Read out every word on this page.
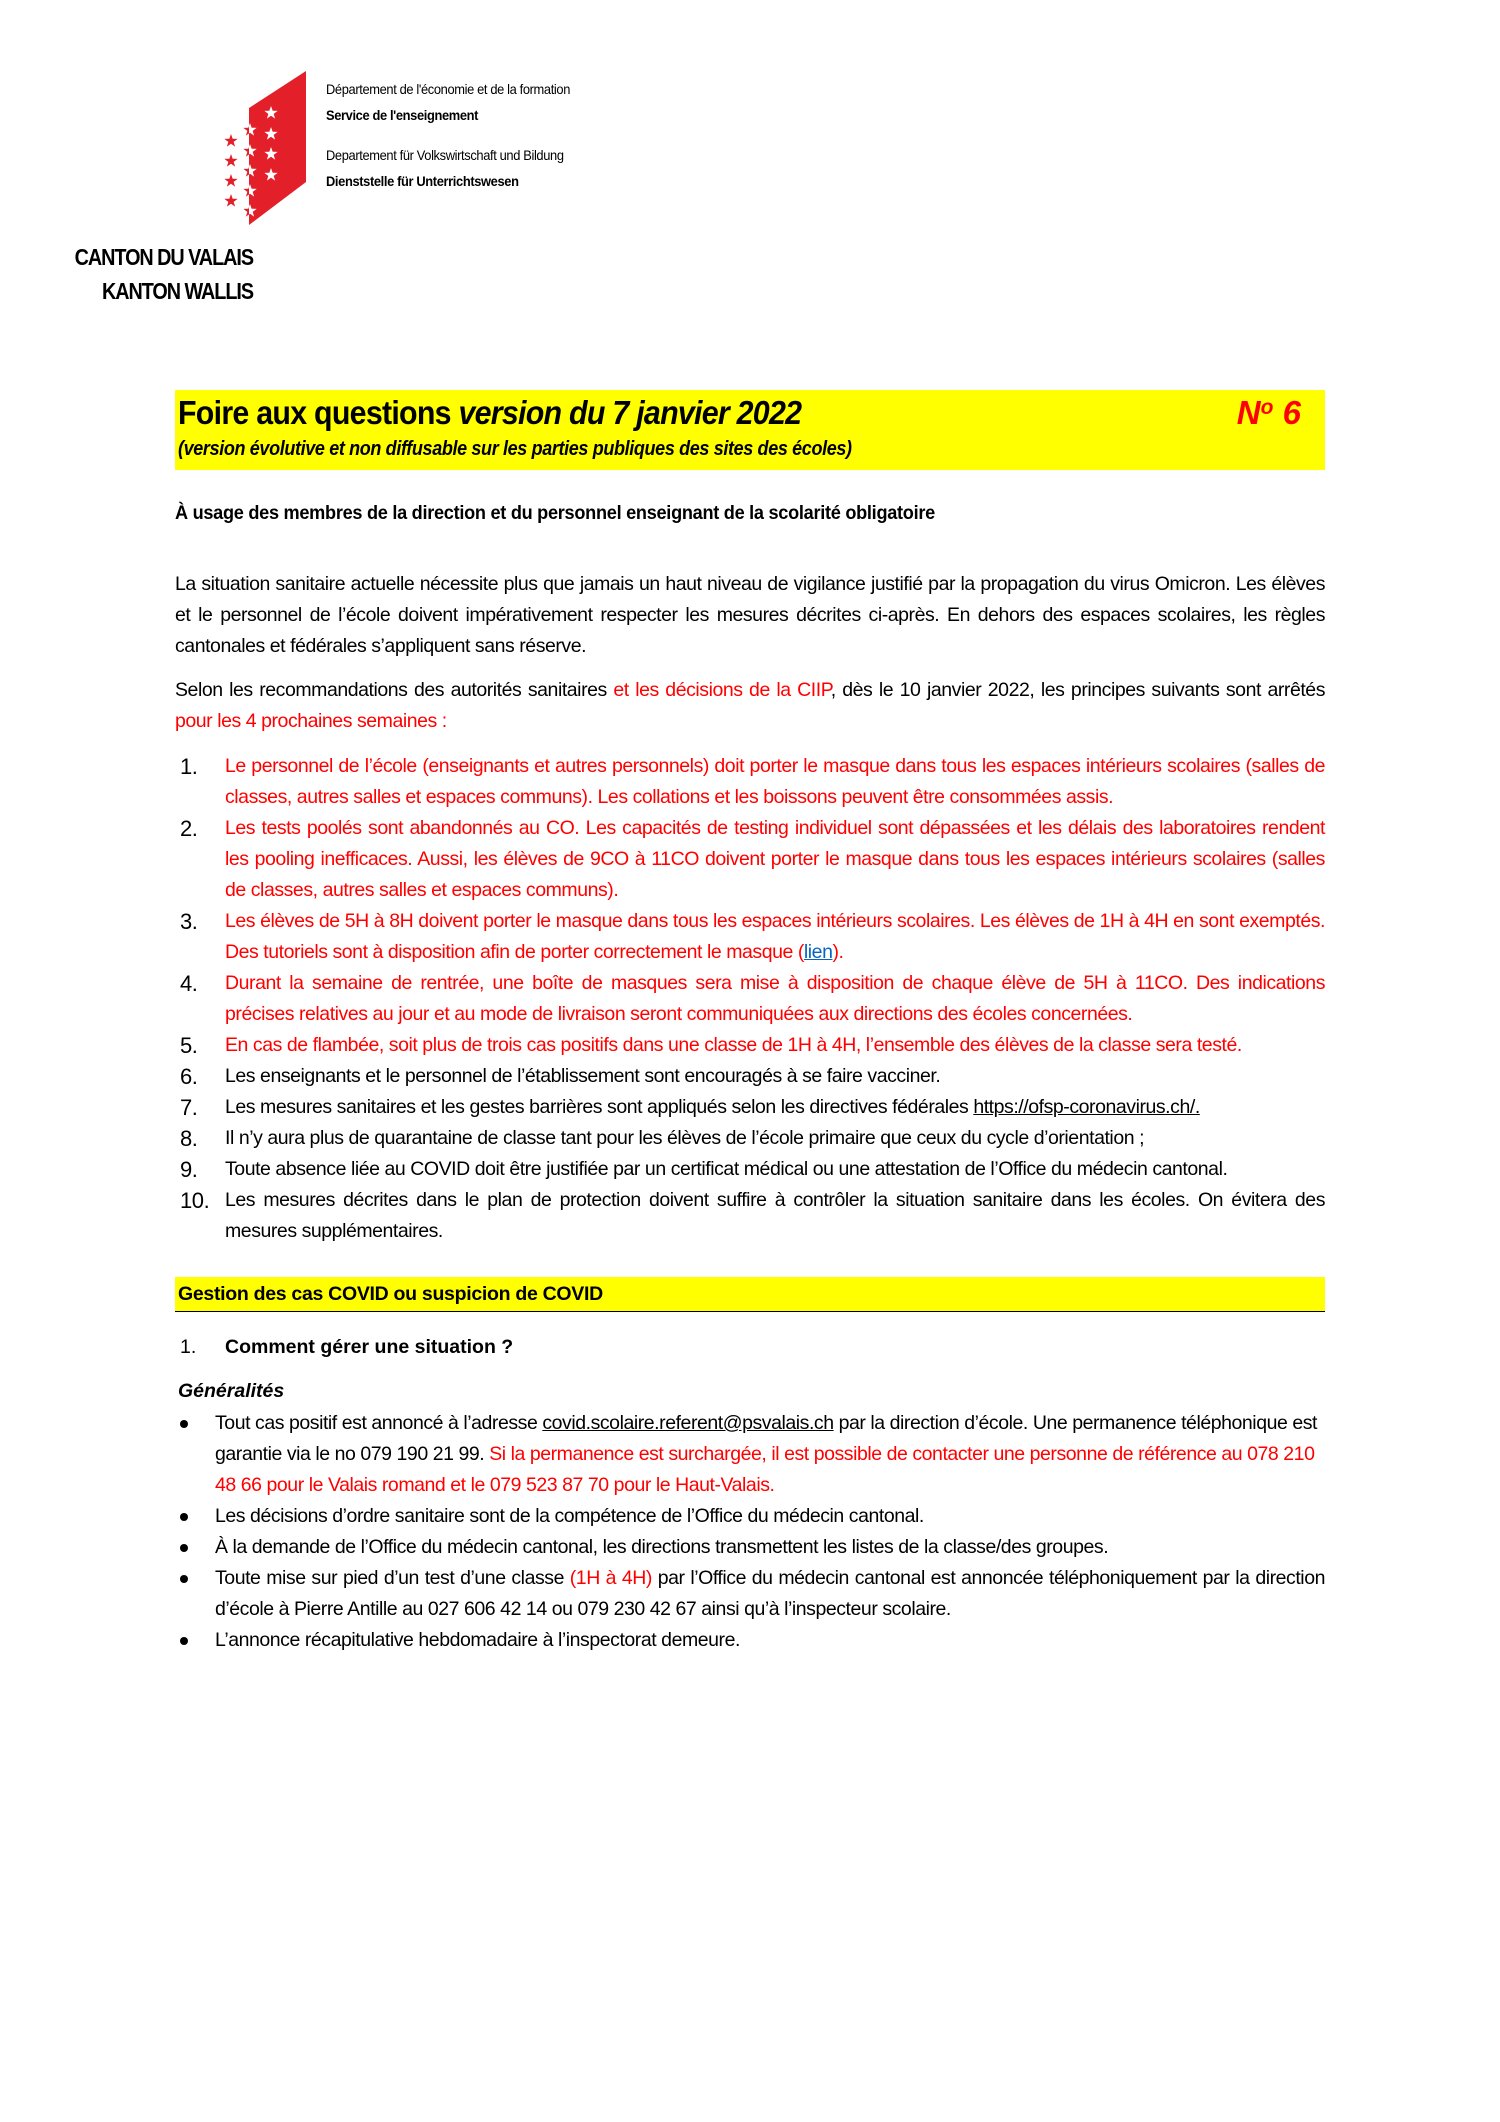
Département de l'économie et de la formation
Service de l'enseignement
Departement für Volkswirtschaft und Bildung
Dienststelle für Unterrichtswesen
CANTON DU VALAIS
KANTON WALLIS
Foire aux questions version du 7 janvier 2022	$N^o$ 6
(version évolutive et non diffusable sur les parties publiques des sites des écoles)
À usage des membres de la direction et du personnel enseignant de la scolarité obligatoire
La situation sanitaire actuelle nécessite plus que jamais un haut niveau de vigilance justifié par la propagation du virus Omicron. Les élèves et le personnel de l’école doivent impérativement respecter les mesures décrites ci-après. En dehors des espaces scolaires, les règles cantonales et fédérales s’appliquent sans réserve.
Selon les recommandations des autorités sanitaires et les décisions de la CIIP, dès le 10 janvier 2022, les principes suivants sont arrêtés pour les 4 prochaines semaines :
1. Le personnel de l’école (enseignants et autres personnels) doit porter le masque dans tous les espaces intérieurs scolaires (salles de classes, autres salles et espaces communs). Les collations et les boissons peuvent être consommées assis.
2. Les tests poolés sont abandonnés au CO. Les capacités de testing individuel sont dépassées et les délais des laboratoires rendent les pooling inefficaces. Aussi, les élèves de 9CO à 11CO doivent porter le masque dans tous les espaces intérieurs scolaires (salles de classes, autres salles et espaces communs).
3. Les élèves de 5H à 8H doivent porter le masque dans tous les espaces intérieurs scolaires. Les élèves de 1H à 4H en sont exemptés. Des tutoriels sont à disposition afin de porter correctement le masque (lien).
4. Durant la semaine de rentrée, une boîte de masques sera mise à disposition de chaque élève de 5H à 11CO. Des indications précises relatives au jour et au mode de livraison seront communiquées aux directions des écoles concernées.
5. En cas de flambée, soit plus de trois cas positifs dans une classe de 1H à 4H, l’ensemble des élèves de la classe sera testé.
6. Les enseignants et le personnel de l’établissement sont encouragés à se faire vacciner.
7. Les mesures sanitaires et les gestes barrières sont appliqués selon les directives fédérales https://ofsp-coronavirus.ch/.
8. Il n’y aura plus de quarantaine de classe tant pour les élèves de l’école primaire que ceux du cycle d’orientation ;
9. Toute absence liée au COVID doit être justifiée par un certificat médical ou une attestation de l’Office du médecin cantonal.
10. Les mesures décrites dans le plan de protection doivent suffire à contrôler la situation sanitaire dans les écoles. On évitera des mesures supplémentaires.
Gestion des cas COVID ou suspicion de COVID
1. Comment gérer une situation ?
Généralités
Tout cas positif est annoncé à l’adresse covid.scolaire.referent@psvalais.ch par la direction d’école. Une permanence téléphonique est garantie via le no 079 190 21 99. Si la permanence est surchargée, il est possible de contacter une personne de référence au 078 210 48 66 pour le Valais romand et le 079 523 87 70 pour le Haut-Valais.
Les décisions d’ordre sanitaire sont de la compétence de l’Office du médecin cantonal.
À la demande de l’Office du médecin cantonal, les directions transmettent les listes de la classe/des groupes.
Toute mise sur pied d’un test d’une classe (1H à 4H) par l’Office du médecin cantonal est annoncée téléphoniquement par la direction d’école à Pierre Antille au 027 606 42 14 ou 079 230 42 67 ainsi qu’à l’inspecteur scolaire.
L’annonce récapitulative hebdomadaire à l’inspectorat demeure.
